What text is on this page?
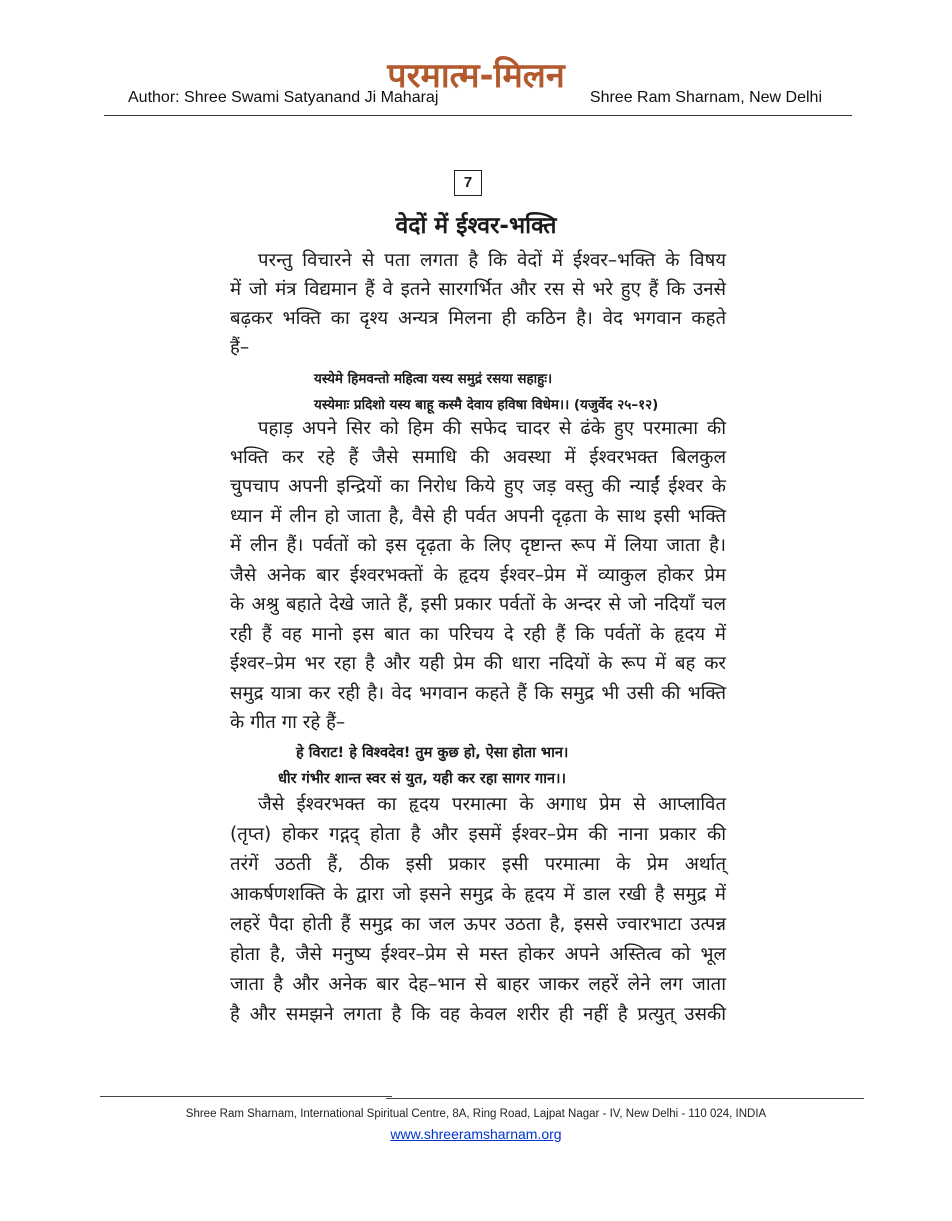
परमात्म-मिलन
Author: Shree Swami Satyanand Ji Maharaj	Shree Ram Sharnam, New Delhi
7
वेदों में ईश्वर-भक्ति
परन्तु विचारने से पता लगता है कि वेदों में ईश्वर–भक्ति के विषय
में जो मंत्र विद्यमान हैं वे इतने सारगर्भित और रस से भरे हुए हैं कि उनसे
बढ़कर भक्ति का दृश्य अन्यत्र मिलना ही कठिन है। वेद भगवान कहते
हैं–
यस्येमे हिमवन्तो महित्वा यस्य समुद्रं रसया सहाहुः।
यस्येमाः प्रदिशो यस्य बाहू कस्मै देवाय हविषा विधेम।। (यजुर्वेद २५–१२)
पहाड़ अपने सिर को हिम की सफेद चादर से ढंके हुए परमात्मा की
भक्ति कर रहे हैं जैसे समाधि की अवस्था में ईश्वरभक्त बिलकुल
चुपचाप अपनी इन्द्रियों का निरोध किये हुए जड़ वस्तु की न्याईं ईश्वर के
ध्यान में लीन हो जाता है, वैसे ही पर्वत अपनी दृढ़ता के साथ इसी भक्ति
में लीन हैं। पर्वतों को इस दृढ़ता के लिए दृष्टान्त रूप में लिया जाता है।
जैसे अनेक बार ईश्वरभक्तों के हृदय ईश्वर–प्रेम में व्याकुल होकर प्रेम
के अश्रु बहाते देखे जाते हैं, इसी प्रकार पर्वतों के अन्दर से जो नदियाँ चल
रही हैं वह मानो इस बात का परिचय दे रही हैं कि पर्वतों के हृदय में
ईश्वर–प्रेम भर रहा है और यही प्रेम की धारा नदियों के रूप में बह कर
समुद्र यात्रा कर रही है। वेद भगवान कहते हैं कि समुद्र भी उसी की भक्ति
के गीत गा रहे हैं–
हे विराट! हे विश्वदेव! तुम कुछ हो, ऐसा होता भान।
धीर गंभीर शान्त स्वर सं युत, यही कर रहा सागर गान।।
जैसे ईश्वरभक्त का हृदय परमात्मा के अगाध प्रेम से आप्लावित
(तृप्त) होकर गद्गद् होता है और इसमें ईश्वर–प्रेम की नाना प्रकार की
तरंगें उठती हैं, ठीक इसी प्रकार इसी परमात्मा के प्रेम अर्थात्
आकर्षणशक्ति के द्वारा जो इसने समुद्र के हृदय में डाल रखी है समुद्र में
लहरें पैदा होती हैं समुद्र का जल ऊपर उठता है, इससे ज्वारभाटा उत्पन्न
होता है, जैसे मनुष्य ईश्वर–प्रेम से मस्त होकर अपने अस्तित्व को भूल
जाता है और अनेक बार देह–भान से बाहर जाकर लहरें लेने लग जाता
है और समझने लगता है कि वह केवल शरीर ही नहीं है प्रत्युत् उसकी
Shree Ram Sharnam, International Spiritual Centre, 8A, Ring Road, Lajpat Nagar - IV, New Delhi - 110 024, INDIA
www.shreeramsharnam.org
